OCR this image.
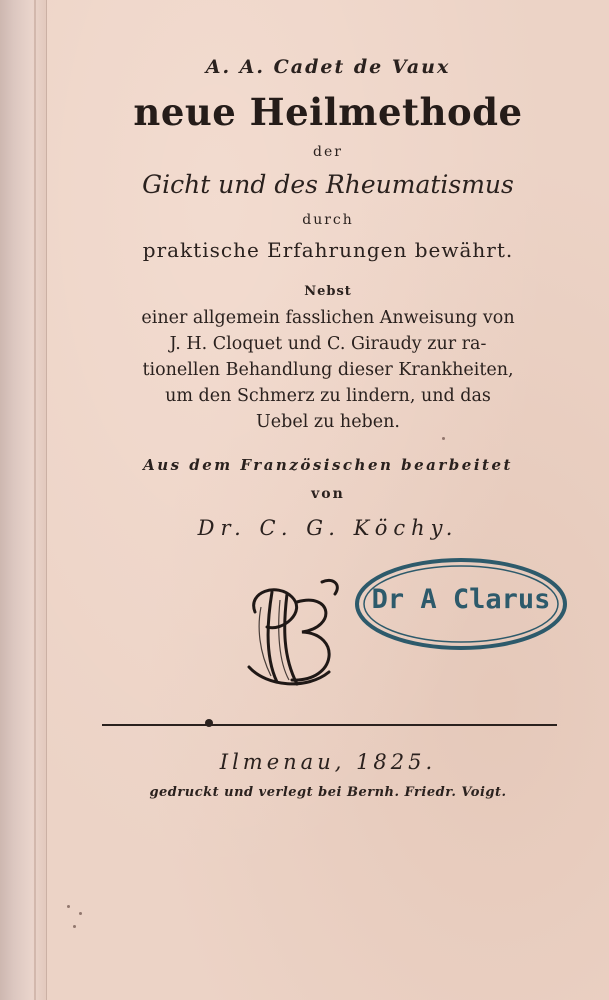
A. A. Cadet de Vaux
neue Heilmethode
der
Gicht und des Rheumatismus
durch
praktische Erfahrungen bewährt.
Nebst
einer allgemein fasslichen Anweisung von
J. H. Cloquet und C. Giraudy zur ra-
tionellen Behandlung dieser Krankheiten,
um den Schmerz zu lindern, und das
Uebel zu heben.
Aus dem Französischen bearbeitet
von
Dr. C. G. Köchy.
Dr A Clarus
Ilmenau, 1825.
gedruckt und verlegt bei Bernh. Friedr. Voigt.
